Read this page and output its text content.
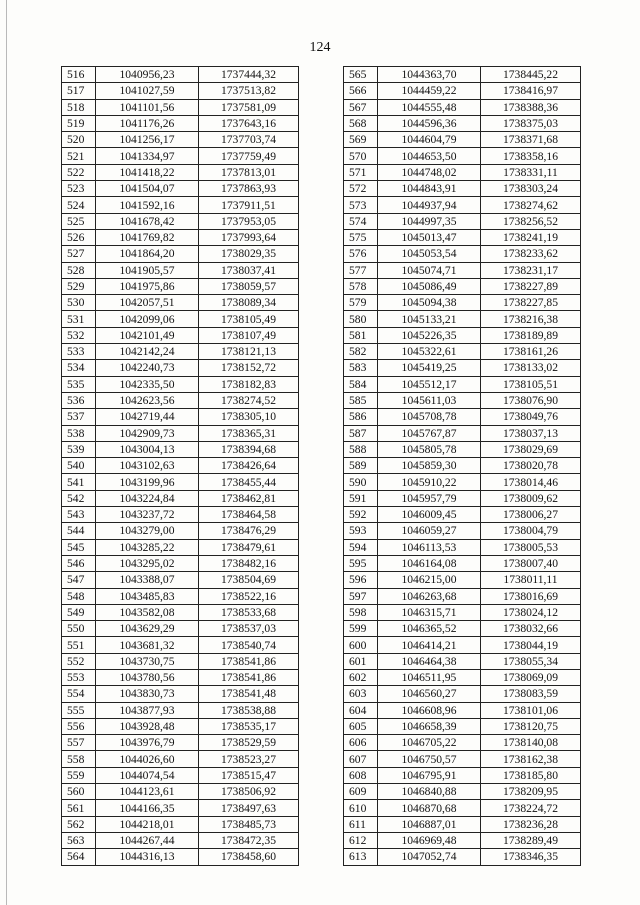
124
516	1040956,23	1737444,32
517	1041027,59	1737513,82
518	1041101,56	1737581,09
519	1041176,26	1737643,16
520	1041256,17	1737703,74
521	1041334,97	1737759,49
522	1041418,22	1737813,01
523	1041504,07	1737863,93
524	1041592,16	1737911,51
525	1041678,42	1737953,05
526	1041769,82	1737993,64
527	1041864,20	1738029,35
528	1041905,57	1738037,41
529	1041975,86	1738059,57
530	1042057,51	1738089,34
531	1042099,06	1738105,49
532	1042101,49	1738107,49
533	1042142,24	1738121,13
534	1042240,73	1738152,72
535	1042335,50	1738182,83
536	1042623,56	1738274,52
537	1042719,44	1738305,10
538	1042909,73	1738365,31
539	1043004,13	1738394,68
540	1043102,63	1738426,64
541	1043199,96	1738455,44
542	1043224,84	1738462,81
543	1043237,72	1738464,58
544	1043279,00	1738476,29
545	1043285,22	1738479,61
546	1043295,02	1738482,16
547	1043388,07	1738504,69
548	1043485,83	1738522,16
549	1043582,08	1738533,68
550	1043629,29	1738537,03
551	1043681,32	1738540,74
552	1043730,75	1738541,86
553	1043780,56	1738541,86
554	1043830,73	1738541,48
555	1043877,93	1738538,88
556	1043928,48	1738535,17
557	1043976,79	1738529,59
558	1044026,60	1738523,27
559	1044074,54	1738515,47
560	1044123,61	1738506,92
561	1044166,35	1738497,63
562	1044218,01	1738485,73
563	1044267,44	1738472,35
564	1044316,13	1738458,60
565	1044363,70	1738445,22
566	1044459,22	1738416,97
567	1044555,48	1738388,36
568	1044596,36	1738375,03
569	1044604,79	1738371,68
570	1044653,50	1738358,16
571	1044748,02	1738331,11
572	1044843,91	1738303,24
573	1044937,94	1738274,62
574	1044997,35	1738256,52
575	1045013,47	1738241,19
576	1045053,54	1738233,62
577	1045074,71	1738231,17
578	1045086,49	1738227,89
579	1045094,38	1738227,85
580	1045133,21	1738216,38
581	1045226,35	1738189,89
582	1045322,61	1738161,26
583	1045419,25	1738133,02
584	1045512,17	1738105,51
585	1045611,03	1738076,90
586	1045708,78	1738049,76
587	1045767,87	1738037,13
588	1045805,78	1738029,69
589	1045859,30	1738020,78
590	1045910,22	1738014,46
591	1045957,79	1738009,62
592	1046009,45	1738006,27
593	1046059,27	1738004,79
594	1046113,53	1738005,53
595	1046164,08	1738007,40
596	1046215,00	1738011,11
597	1046263,68	1738016,69
598	1046315,71	1738024,12
599	1046365,52	1738032,66
600	1046414,21	1738044,19
601	1046464,38	1738055,34
602	1046511,95	1738069,09
603	1046560,27	1738083,59
604	1046608,96	1738101,06
605	1046658,39	1738120,75
606	1046705,22	1738140,08
607	1046750,57	1738162,38
608	1046795,91	1738185,80
609	1046840,88	1738209,95
610	1046870,68	1738224,72
611	1046887,01	1738236,28
612	1046969,48	1738289,49
613	1047052,74	1738346,35
